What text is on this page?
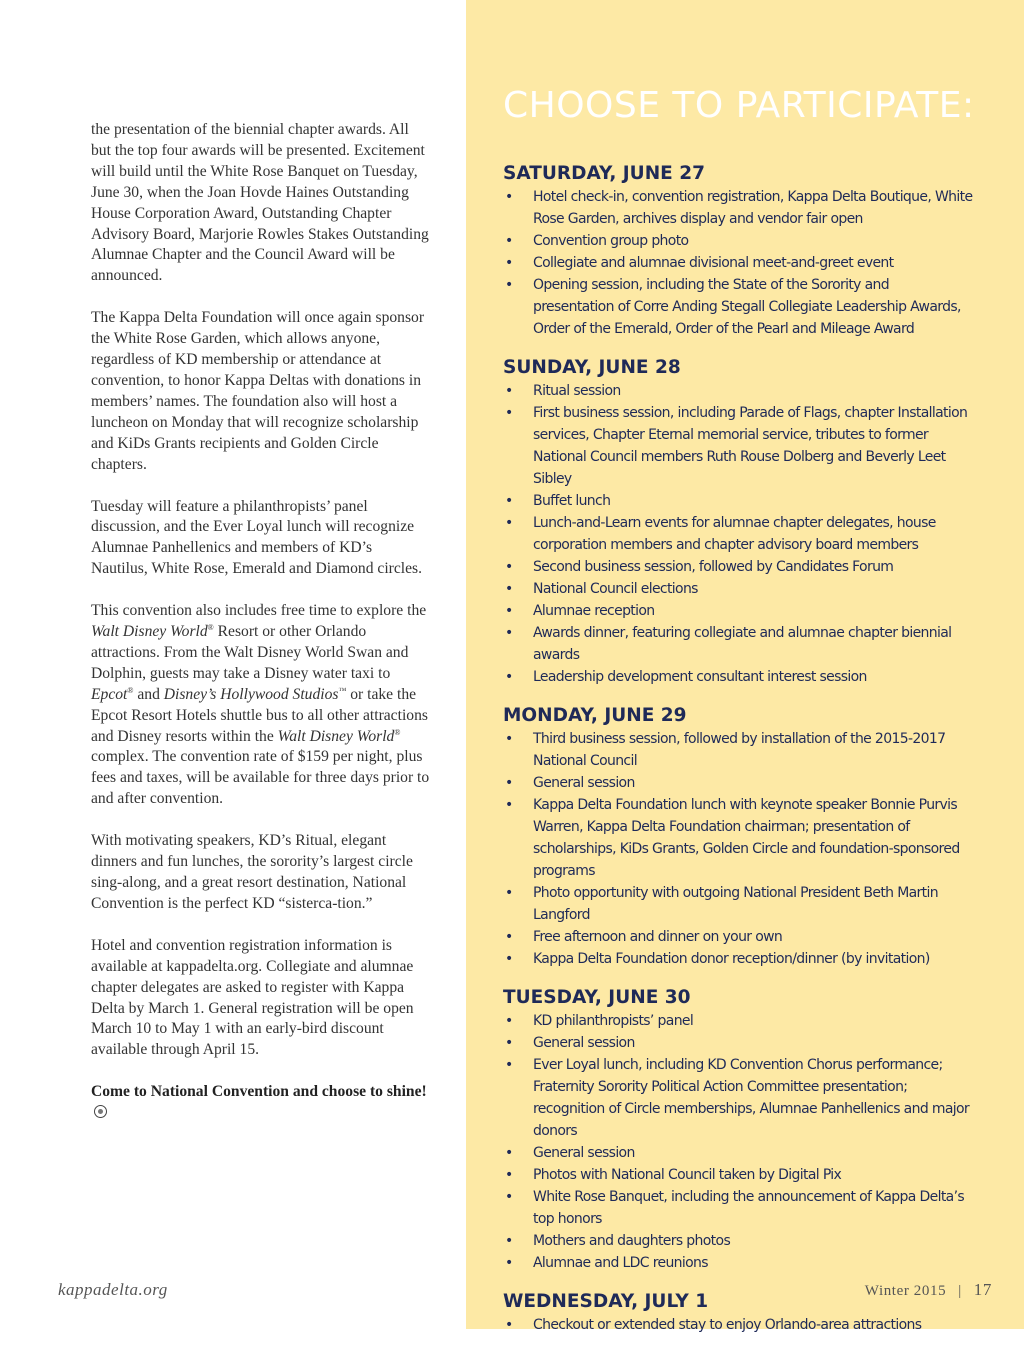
the presentation of the biennial chapter awards. All but the top four awards will be presented. Excitement will build until the White Rose Banquet on Tuesday, June 30, when the Joan Hovde Haines Outstanding House Corporation Award, Outstanding Chapter Advisory Board, Marjorie Rowles Stakes Outstanding Alumnae Chapter and the Council Award will be announced.

The Kappa Delta Foundation will once again sponsor the White Rose Garden, which allows anyone, regardless of KD membership or attendance at convention, to honor Kappa Deltas with donations in members’ names. The foundation also will host a luncheon on Monday that will recognize scholarship and KiDs Grants recipients and Golden Circle chapters.

Tuesday will feature a philanthropists’ panel discussion, and the Ever Loyal lunch will recognize Alumnae Panhellenics and members of KD’s Nautilus, White Rose, Emerald and Diamond circles.

This convention also includes free time to explore the Walt Disney World® Resort or other Orlando attractions. From the Walt Disney World Swan and Dolphin, guests may take a Disney water taxi to Epcot® and Disney’s Hollywood Studios™ or take the Epcot Resort Hotels shuttle bus to all other attractions and Disney resorts within the Walt Disney World® complex. The convention rate of $159 per night, plus fees and taxes, will be available for three days prior to and after convention.

With motivating speakers, KD’s Ritual, elegant dinners and fun lunches, the sorority’s largest circle sing-along, and a great resort destination, National Convention is the perfect KD “sisterca-tion.”

Hotel and convention registration information is available at kappadelta.org. Collegiate and alumnae chapter delegates are asked to register with Kappa Delta by March 1. General registration will be open March 10 to May 1 with an early-bird discount available through April 15.

Come to National Convention and choose to shine!

CHOOSE TO PARTICIPATE:
SATURDAY, JUNE 27
• Hotel check-in, convention registration, Kappa Delta Boutique, White Rose Garden, archives display and vendor fair open
• Convention group photo
• Collegiate and alumnae divisional meet-and-greet event
• Opening session, including the State of the Sorority and presentation of Corre Anding Stegall Collegiate Leadership Awards, Order of the Emerald, Order of the Pearl and Mileage Award
SUNDAY, JUNE 28
• Ritual session
• First business session, including Parade of Flags, chapter Installation services, Chapter Eternal memorial service, tributes to former National Council members Ruth Rouse Dolberg and Beverly Leet Sibley
• Buffet lunch
• Lunch-and-Learn events for alumnae chapter delegates, house corporation members and chapter advisory board members
• Second business session, followed by Candidates Forum
• National Council elections
• Alumnae reception
• Awards dinner, featuring collegiate and alumnae chapter biennial awards
• Leadership development consultant interest session
MONDAY, JUNE 29
• Third business session, followed by installation of the 2015-2017 National Council
• General session
• Kappa Delta Foundation lunch with keynote speaker Bonnie Purvis Warren, Kappa Delta Foundation chairman; presentation of scholarships, KiDs Grants, Golden Circle and foundation-sponsored programs
• Photo opportunity with outgoing National President Beth Martin Langford
• Free afternoon and dinner on your own
• Kappa Delta Foundation donor reception/dinner (by invitation)
TUESDAY, JUNE 30
• KD philanthropists’ panel
• General session
• Ever Loyal lunch, including KD Convention Chorus performance; Fraternity Sorority Political Action Committee presentation; recognition of Circle memberships, Alumnae Panhellenics and major donors
• General session
• Photos with National Council taken by Digital Pix
• White Rose Banquet, including the announcement of Kappa Delta’s top honors
• Mothers and daughters photos
• Alumnae and LDC reunions
WEDNESDAY, JULY 1
• Checkout or extended stay to enjoy Orlando-area attractions
kappadelta.org	Winter 2015 | 17
